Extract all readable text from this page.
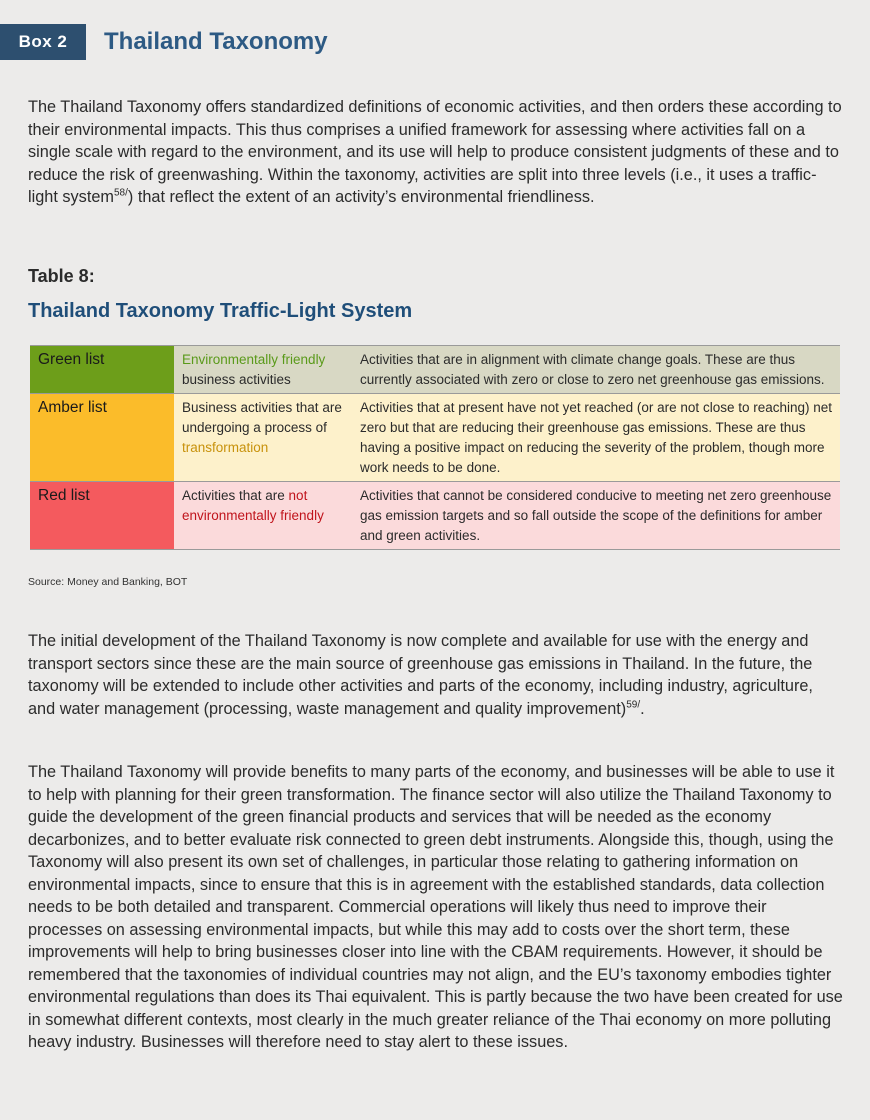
Box 2	Thailand Taxonomy

The Thailand Taxonomy offers standardized definitions of economic activities, and then orders these according to their environmental impacts. This thus comprises a unified framework for assessing where activities fall on a single scale with regard to the environment, and its use will help to produce consistent judgments of these and to reduce the risk of greenwashing. Within the taxonomy, activities are split into three levels (i.e., it uses a traffic-light system$^{58/}$) that reflect the extent of an activity’s environmental friendliness.

Table 8:
Thailand Taxonomy Traffic-Light System
Green list	Environmentally friendly business activities	Activities that are in alignment with climate change goals. These are thus currently associated with zero or close to zero net greenhouse gas emissions.
Amber list	Business activities that are undergoing a process of transformation	Activities that at present have not yet reached (or are not close to reaching) net zero but that are reducing their greenhouse gas emissions. These are thus having a positive impact on reducing the severity of the problem, though more work needs to be done.
Red list	Activities that are not environmentally friendly	Activities that cannot be considered conducive to meeting net zero greenhouse gas emission targets and so fall outside the scope of the definitions for amber and green activities.
Source: Money and Banking, BOT

The initial development of the Thailand Taxonomy is now complete and available for use with the energy and transport sectors since these are the main source of greenhouse gas emissions in Thailand. In the future, the taxonomy will be extended to include other activities and parts of the economy, including industry, agriculture, and water management (processing, waste management and quality improvement)$^{59/}$.

The Thailand Taxonomy will provide benefits to many parts of the economy, and businesses will be able to use it to help with planning for their green transformation. The finance sector will also utilize the Thailand Taxonomy to guide the development of the green financial products and services that will be needed as the economy decarbonizes, and to better evaluate risk connected to green debt instruments. Alongside this, though, using the Taxonomy will also present its own set of challenges, in particular those relating to gathering information on environmental impacts, since to ensure that this is in agreement with the established standards, data collection needs to be both detailed and transparent. Commercial operations will likely thus need to improve their processes on assessing environmental impacts, but while this may add to costs over the short term, these improvements will help to bring businesses closer into line with the CBAM requirements. However, it should be remembered that the taxonomies of individual countries may not align, and the EU’s taxonomy embodies tighter environmental regulations than does its Thai equivalent. This is partly because the two have been created for use in somewhat different contexts, most clearly in the much greater reliance of the Thai economy on more polluting heavy industry. Businesses will therefore need to stay alert to these issues.
